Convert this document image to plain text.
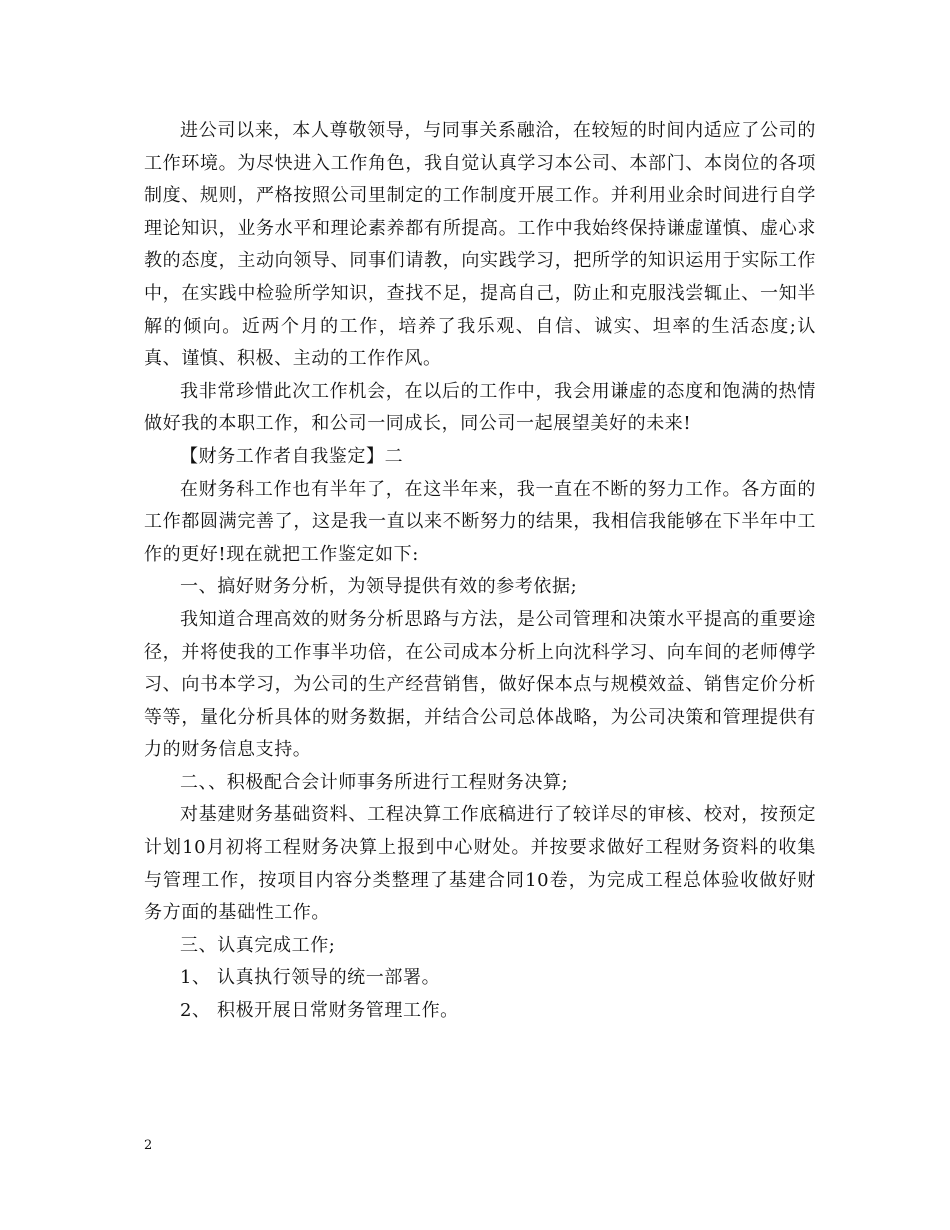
进公司以来，本人尊敬领导，与同事关系融洽，在较短的时间内适应了公司的工作环境。为尽快进入工作角色，我自觉认真学习本公司、本部门、本岗位的各项制度、规则，严格按照公司里制定的工作制度开展工作。并利用业余时间进行自学理论知识，业务水平和理论素养都有所提高。工作中我始终保持谦虚谨慎、虚心求教的态度，主动向领导、同事们请教，向实践学习，把所学的知识运用于实际工作中，在实践中检验所学知识，查找不足，提高自己，防止和克服浅尝辄止、一知半解的倾向。近两个月的工作，培养了我乐观、自信、诚实、坦率的生活态度;认真、谨慎、积极、主动的工作作风。

我非常珍惜此次工作机会，在以后的工作中，我会用谦虚的态度和饱满的热情做好我的本职工作，和公司一同成长，同公司一起展望美好的未来!

【财务工作者自我鉴定】二

在财务科工作也有半年了，在这半年来，我一直在不断的努力工作。各方面的工作都圆满完善了，这是我一直以来不断努力的结果，我相信我能够在下半年中工作的更好!现在就把工作鉴定如下:

一、搞好财务分析，为领导提供有效的参考依据;

我知道合理高效的财务分析思路与方法，是公司管理和决策水平提高的重要途径，并将使我的工作事半功倍，在公司成本分析上向沈科学习、向车间的老师傅学习、向书本学习，为公司的生产经营销售，做好保本点与规模效益、销售定价分析等等，量化分析具体的财务数据，并结合公司总体战略，为公司决策和管理提供有力的财务信息支持。

二、、积极配合会计师事务所进行工程财务决算;

对基建财务基础资料、工程决算工作底稿进行了较详尽的审核、校对，按预定计划10月初将工程财务决算上报到中心财处。并按要求做好工程财务资料的收集与管理工作，按项目内容分类整理了基建合同10卷，为完成工程总体验收做好财务方面的基础性工作。

三、认真完成工作;

1、 认真执行领导的统一部署。

2、 积极开展日常财务管理工作。

2
